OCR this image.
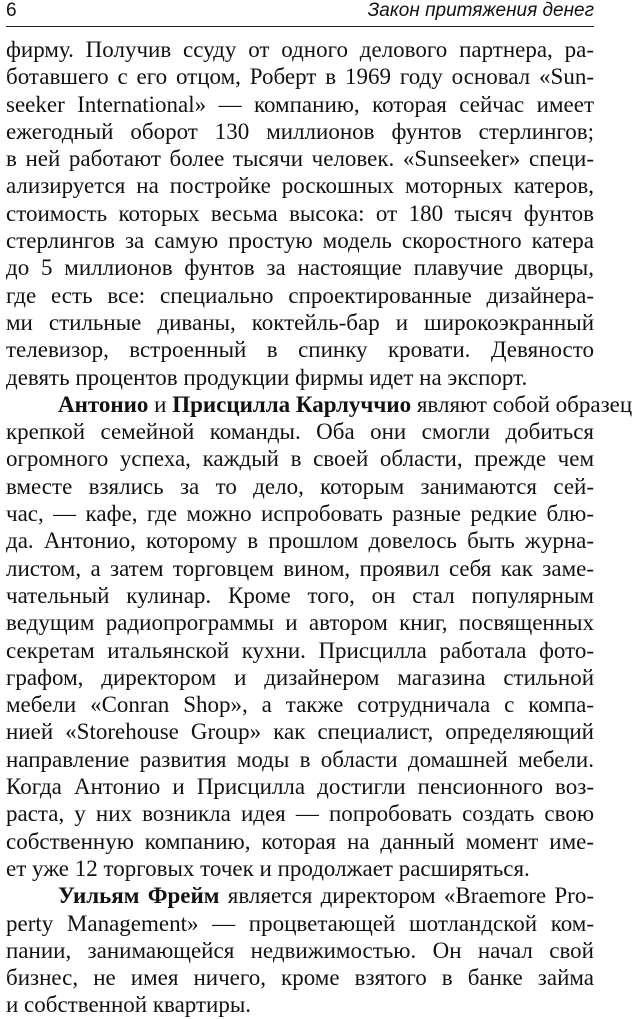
6	Закон притяжения денег
фирму. Получив ссуду от одного делового партнера, ра-
ботавшего с его отцом, Роберт в 1969 году основал «Sun-
seeker International» — компанию, которая сейчас имеет
ежегодный оборот 130 миллионов фунтов стерлингов;
в ней работают более тысячи человек. «Sunseeker» специ-
ализируется на постройке роскошных моторных катеров,
стоимость которых весьма высока: от 180 тысяч фунтов
стерлингов за самую простую модель скоростного катера
до 5 миллионов фунтов за настоящие плавучие дворцы,
где есть все: специально спроектированные дизайнера-
ми стильные диваны, коктейль-бар и широкоэкранный
телевизор, встроенный в спинку кровати. Девяносто
девять процентов продукции фирмы идет на экспорт.
Антонио и Присцилла Карлуччио являют собой образец
крепкой семейной команды. Оба они смогли добиться
огромного успеха, каждый в своей области, прежде чем
вместе взялись за то дело, которым занимаются сей-
час, — кафе, где можно испробовать разные редкие блю-
да. Антонио, которому в прошлом довелось быть журна-
листом, а затем торговцем вином, проявил себя как заме-
чательный кулинар. Кроме того, он стал популярным
ведущим радиопрограммы и автором книг, посвященных
секретам итальянской кухни. Присцилла работала фото-
графом, директором и дизайнером магазина стильной
мебели «Conran Shop», а также сотрудничала с компа-
нией «Storehouse Group» как специалист, определяющий
направление развития моды в области домашней мебели.
Когда Антонио и Присцилла достигли пенсионного воз-
раста, у них возникла идея — попробовать создать свою
собственную компанию, которая на данный момент име-
ет уже 12 торговых точек и продолжает расширяться.
Уильям Фрейм является директором «Braemore Pro-
perty Management» — процветающей шотландской ком-
пании, занимающейся недвижимостью. Он начал свой
бизнес, не имея ничего, кроме взятого в банке займа
и собственной квартиры.
